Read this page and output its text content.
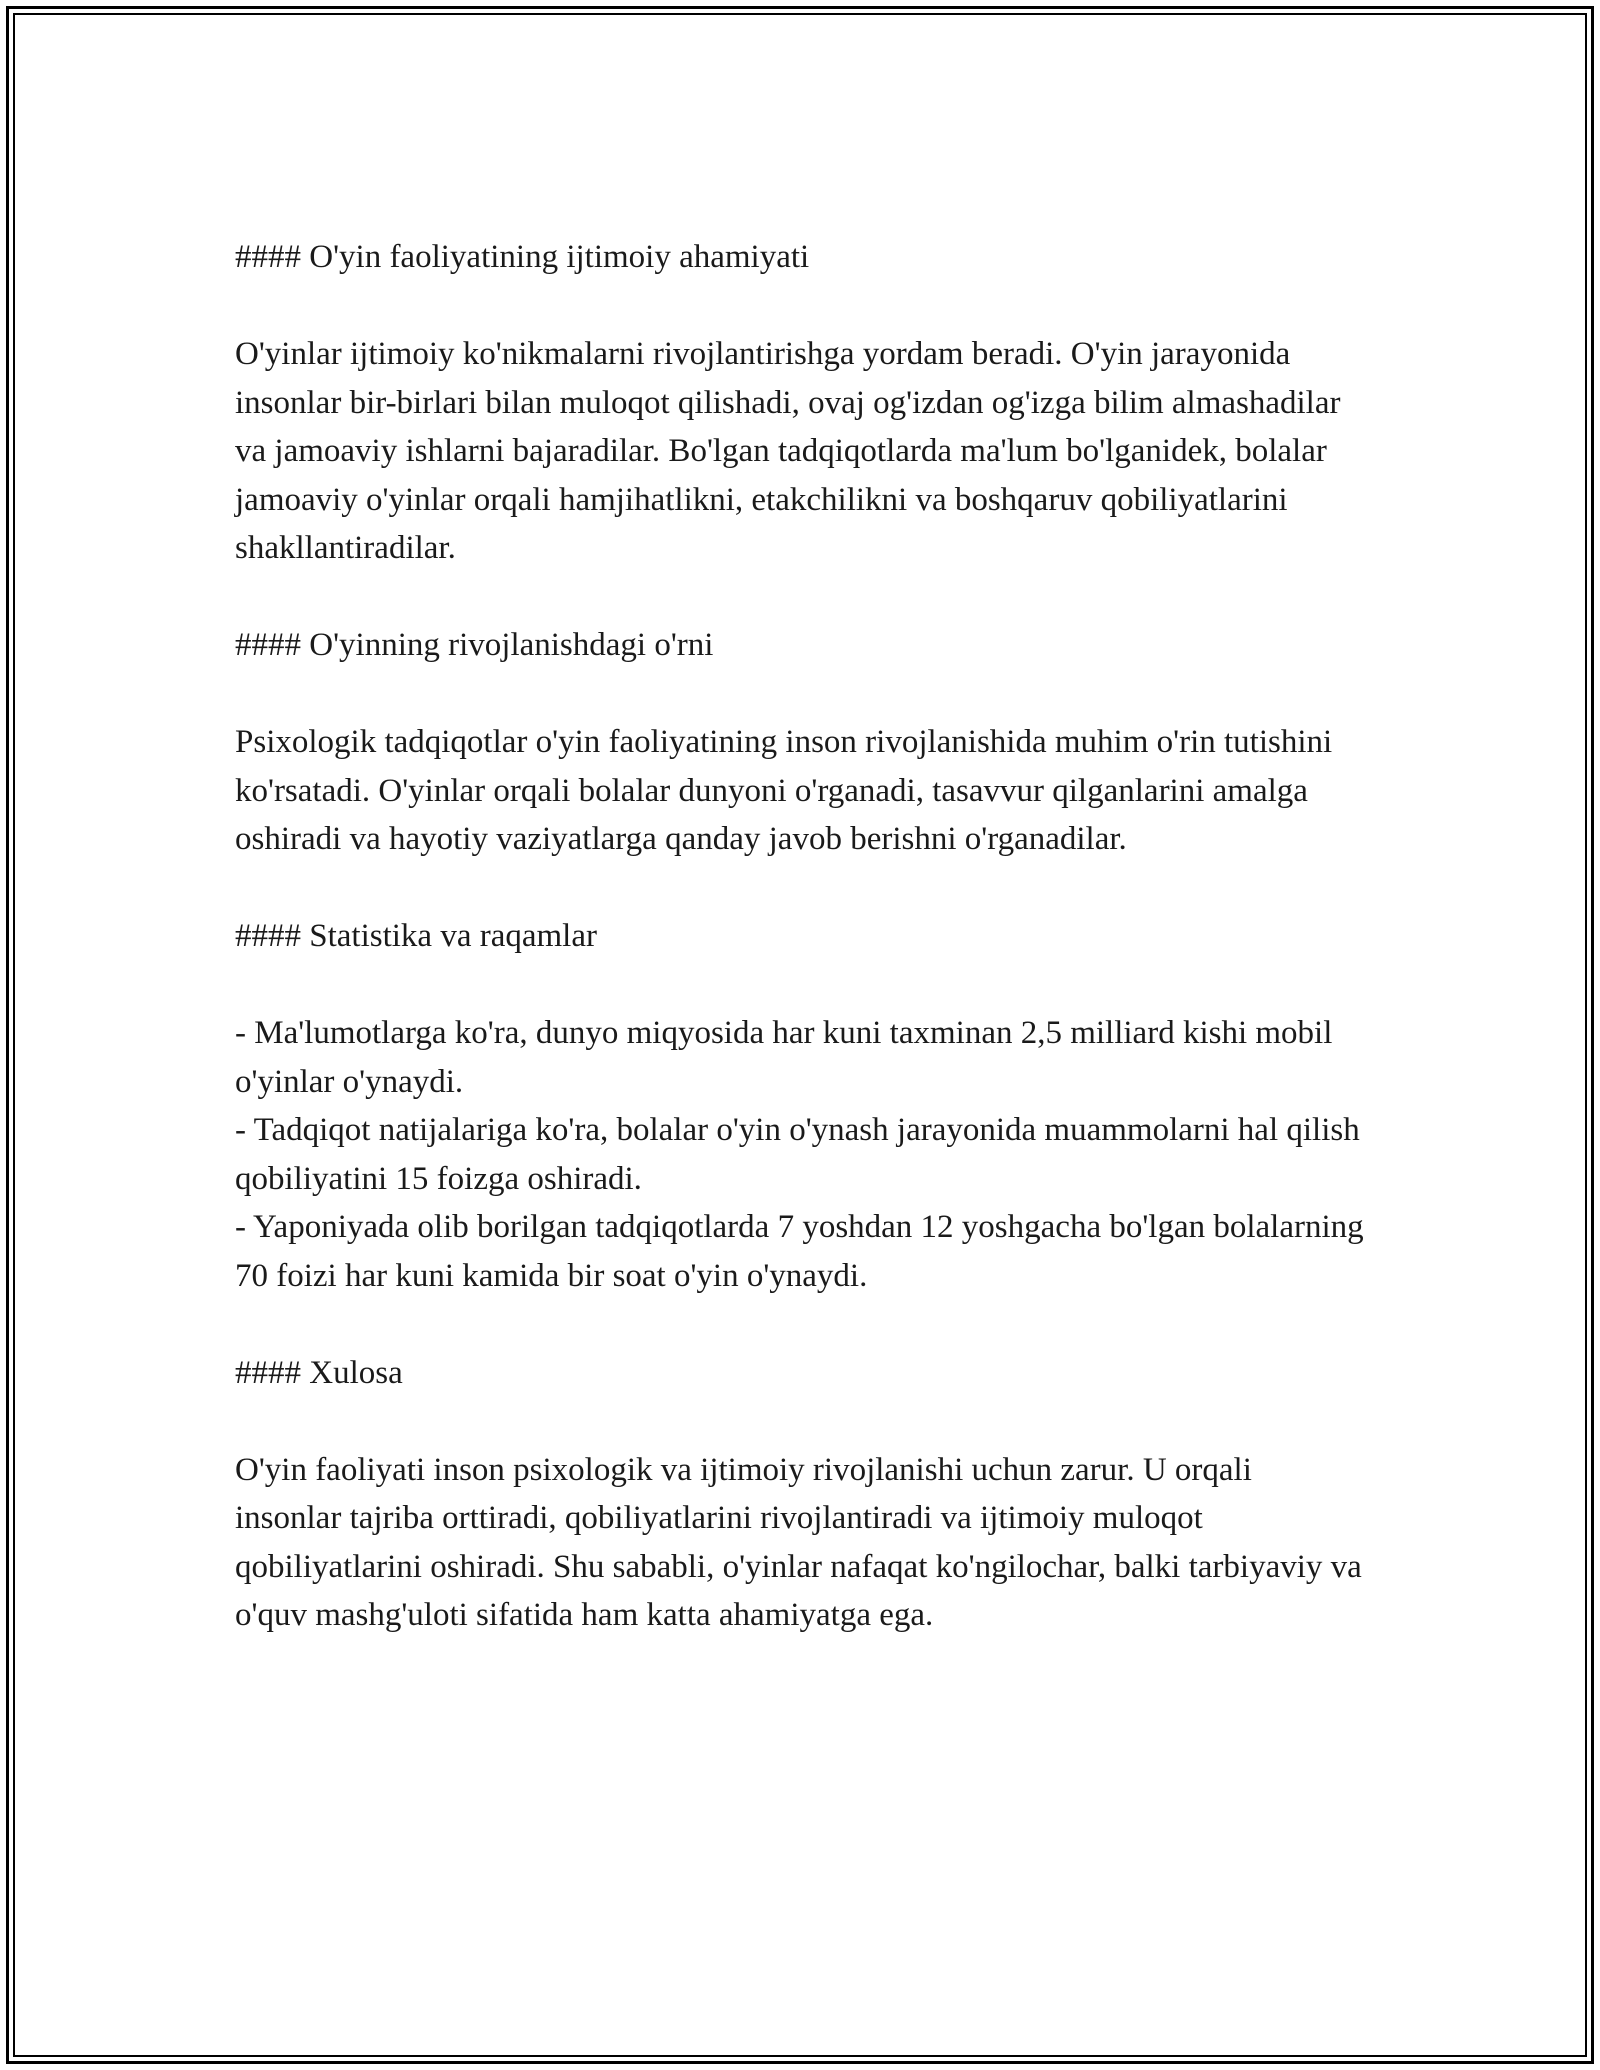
#### O'yin faoliyatining ijtimoiy ahamiyati

O'yinlar ijtimoiy ko'nikmalarni rivojlantirishga yordam beradi. O'yin jarayonida insonlar bir-birlari bilan muloqot qilishadi, ovaj og'izdan og'izga bilim almashadilar va jamoaviy ishlarni bajaradilar. Bo'lgan tadqiqotlarda ma'lum bo'lganidek, bolalar jamoaviy o'yinlar orqali hamjihatlikni, etakchilikni va boshqaruv qobiliyatlarini shakllantiradilar.

#### O'yinning rivojlanishdagi o'rni

Psixologik tadqiqotlar o'yin faoliyatining inson rivojlanishida muhim o'rin tutishini ko'rsatadi. O'yinlar orqali bolalar dunyoni o'rganadi, tasavvur qilganlarini amalga oshiradi va hayotiy vaziyatlarga qanday javob berishni o'rganadilar.

#### Statistika va raqamlar

- Ma'lumotlarga ko'ra, dunyo miqyosida har kuni taxminan 2,5 milliard kishi mobil o'yinlar o'ynaydi.
- Tadqiqot natijalariga ko'ra, bolalar o'yin o'ynash jarayonida muammolarni hal qilish qobiliyatini 15 foizga oshiradi.
- Yaponiyada olib borilgan tadqiqotlarda 7 yoshdan 12 yoshgacha bo'lgan bolalarning 70 foizi har kuni kamida bir soat o'yin o'ynaydi.

#### Xulosa

O'yin faoliyati inson psixologik va ijtimoiy rivojlanishi uchun zarur. U orqali insonlar tajriba orttiradi, qobiliyatlarini rivojlantiradi va ijtimoiy muloqot qobiliyatlarini oshiradi. Shu sababli, o'yinlar nafaqat ko'ngilochar, balki tarbiyaviy va o'quv mashg'uloti sifatida ham katta ahamiyatga ega.
